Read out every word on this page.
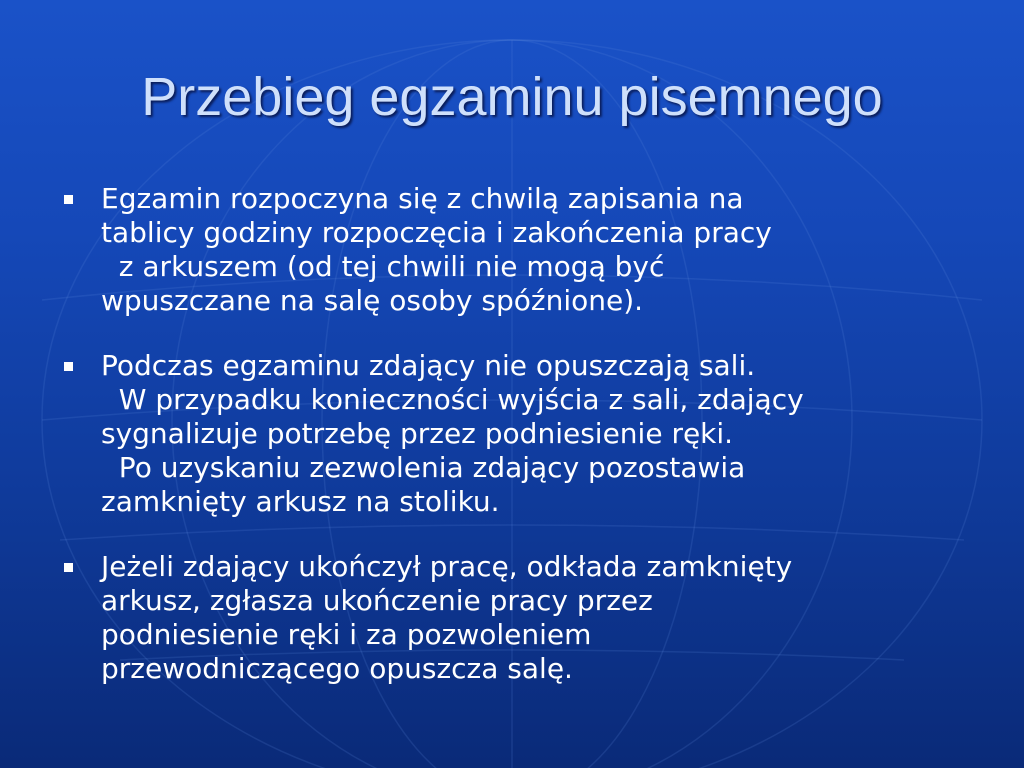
Przebieg egzaminu pisemnego
Egzamin rozpoczyna się z chwilą zapisania na
tablicy godziny rozpoczęcia i zakończenia pracy
z arkuszem (od tej chwili nie mogą być
wpuszczane na salę osoby spóźnione).
Podczas egzaminu zdający nie opuszczają sali.
W przypadku konieczności wyjścia z sali, zdający
sygnalizuje potrzebę przez podniesienie ręki.
Po uzyskaniu zezwolenia zdający pozostawia
zamknięty arkusz na stoliku.
Jeżeli zdający ukończył pracę, odkłada zamknięty
arkusz, zgłasza ukończenie pracy przez
podniesienie ręki i za pozwoleniem
przewodniczącego opuszcza salę.
